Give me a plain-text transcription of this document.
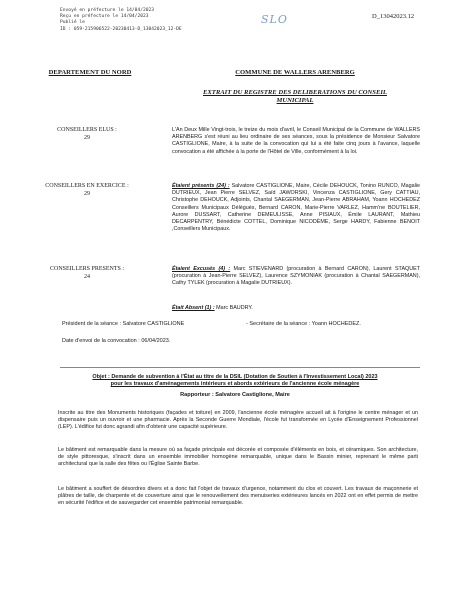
Envoyé en préfecture le 14/04/2023
Reçu en préfecture le 14/04/2023
Publié le
ID : 059-215906522-20230413-D_13042023_12-DE
SLO	D_13042023.12
DEPARTEMENT DU NORD	COMMUNE DE WALLERS ARENBERG
EXTRAIT DU REGISTRE DES DELIBERATIONS DU CONSEIL MUNICIPAL
CONSEILLERS ELUS :
29
L'An Deux Mille Vingt-trois, le treize du mois d'avril, le Conseil Municipal de la Commune de WALLERS ARENBERG s'est réuni au lieu ordinaire de ses séances, sous la présidence de Monsieur Salvatore CASTIGLIONE, Maire, à la suite de la convocation qui lui a été faite cinq jours à l'avance, laquelle convocation a été affichée à la porte de l'Hôtel de Ville, conformément à la loi.
CONSEILLERS EN EXERCICE :
29
Étaient présents (24) : Salvatore CASTIGLIONE, Maire, Cécile DEHOUCK, Tonino RUNCO, Magalie DUTRIEUX, Jean Pierre SELVEZ, Saïd JAWORSKI, Vincenza CASTIGLIONE, Gery CATTIAU, Christophe DEHOUCK, Adjoints, Chantal SAEGERMAN, Jean-Pierre ABRAHAM, Yoann HOCHEDEZ Conseillers Municipaux Délégués, Bernard CARON, Marie-Pierre VARLEZ, Hamm'ne BOUTELIER, Aurore DUSSART, Catherine DEMEULISSE, Anne PISIAUX, Émile LAURANT, Mathieu DECARPENTRY, Bénédicte COTTEL, Dominique NICODÈME, Serge HARDY, Fabienne BENOIT ,Conseillers Municipaux.
CONSEILLERS PRESENTS :
24
Étaient Excusés (4) : Marc STIEVENARD (procuration à Bernard CARON), Laurent STAQUET (procuration à Jean-Pierre SELVEZ), Laurence SZYMONIAK (procuration à Chantal SAEGERMAN), Cathy TYLEK (procuration à Magalie DUTRIEUX).
Était Absent (1) : Marc BAUDRY.
Président de la séance : Salvatore CASTIGLIONE	- Secrétaire de la séance : Yoann HOCHEDEZ.
Date d'envoi de la convocation : 06/04/2023.
Objet : Demande de subvention à l'État au titre de la DSIL (Dotation de Soutien à l'Investissement Local) 2023
pour les travaux d'aménagements intérieurs et abords extérieurs de l'ancienne école ménagère
Rapporteur : Salvatore Castiglione, Maire
Inscrite au titre des Monuments historiques (façades et toiture) en 2009, l'ancienne école ménagère accueil ait à l'origine le centre ménager et un dispensaire puis un ouvroir et une pharmacie. Après la Seconde Guerre Mondiale, l'école fut transformée en Lycée d'Enseignement Professionnel (LEP). L'édifice fut donc agrandi afin d'obtenir une capacité supérieure.
Le bâtiment est remarquable dans la mesure où sa façade principale est décorée et composée d'éléments en bois, et céramiques. Son architecture, de style pittoresque, s'inscrit dans un ensemble immobilier homogène remarquable, unique dans le Bassin minier, reprenant le même parti architectural que la salle des fêtes ou l'Église Sainte Barbe.
Le bâtiment a souffert de désordres divers et a donc fait l'objet de travaux d'urgence, notamment du clos et couvert. Les travaux de maçonnerie et plâtres de taille, de charpente et de couverture ainsi que le renouvellement des menuiseries extérieures lancés en 2022 ont en effet permis de mettre en sécurité l'édifice et de sauvegarder cet ensemble patrimonial remarquable.
